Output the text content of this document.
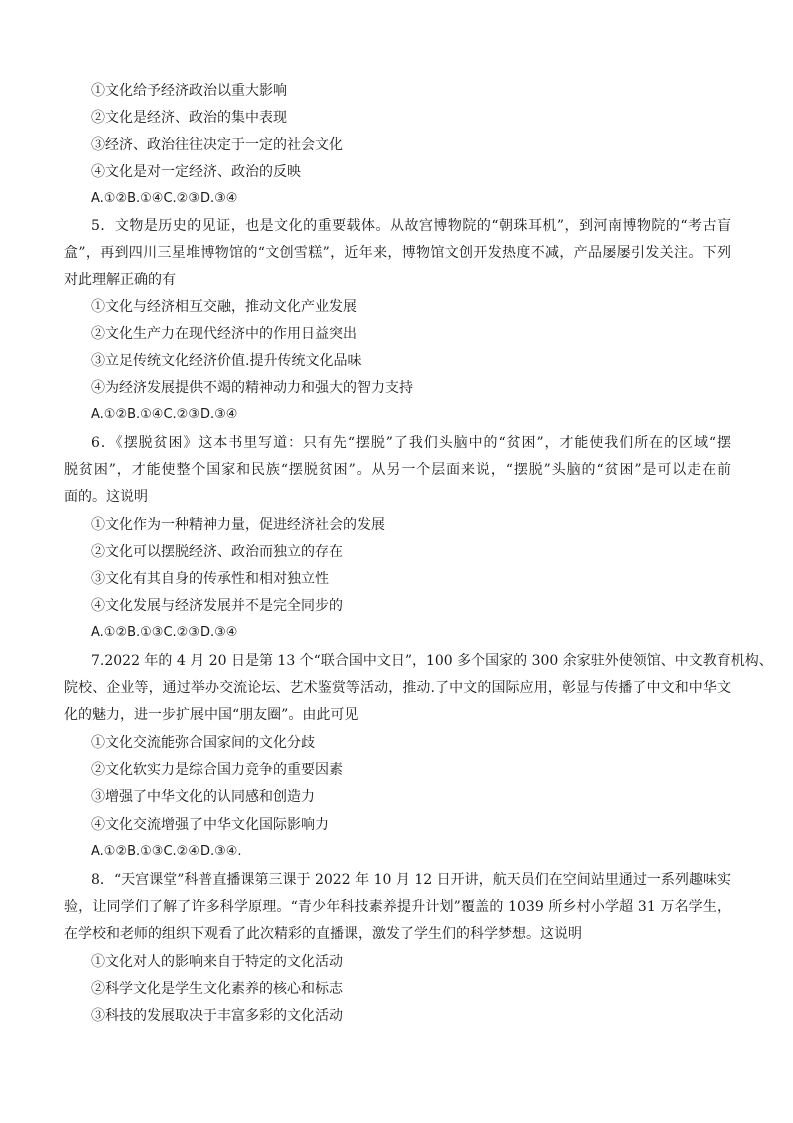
①文化给予经济政治以重大影响
②文化是经济、政治的集中表现
③经济、政治往往决定于一定的社会文化
④文化是对一定经济、政治的反映
A.①②B.①④C.②③D.③④
5．文物是历史的见证，也是文化的重要载体。从故宫博物院的“朝珠耳机”，到河南博物院的“考古盲
盒”，再到四川三星堆博物馆的“文创雪糕”，近年来，博物馆文创开发热度不减，产品屡屡引发关注。下列
对此理解正确的有
①文化与经济相互交融，推动文化产业发展
②文化生产力在现代经济中的作用日益突出
③立足传统文化经济价值.提升传统文化品味
④为经济发展提供不竭的精神动力和强大的智力支持
A.①②B.①④C.②③D.③④
6．《摆脱贫困》这本书里写道：只有先“摆脱”了我们头脑中的“贫困”，才能使我们所在的区域“摆
脱贫困”，才能使整个国家和民族“摆脱贫困”。从另一个层面来说，“摆脱”头脑的“贫困”是可以走在前
面的。这说明
①文化作为一种精神力量，促进经济社会的发展
②文化可以摆脱经济、政治而独立的存在
③文化有其自身的传承性和相对独立性
④文化发展与经济发展并不是完全同步的
A.①②B.①③C.②③D.③④
7.2022 年的 4 月 20 日是第 13 个“联合国中文日”，100 多个国家的 300 余家驻外使领馆、中文教育机构、
院校、企业等，通过举办交流论坛、艺术鉴赏等活动，推动.了中文的国际应用，彰显与传播了中文和中华文
化的魅力，进一步扩展中国“朋友圈”。由此可见
①文化交流能弥合国家间的文化分歧
②文化软实力是综合国力竞争的重要因素
③增强了中华文化的认同感和创造力
④文化交流增强了中华文化国际影响力
A.①②B.①③C.②④D.③④.
8．“天宫课堂”科普直播课第三课于 2022 年 10 月 12 日开讲，航天员们在空间站里通过一系列趣味实
验，让同学们了解了许多科学原理。“青少年科技素养提升计划”覆盖的 1039 所乡村小学超 31 万名学生，
在学校和老师的组织下观看了此次精彩的直播课，激发了学生们的科学梦想。这说明
①文化对人的影响来自于特定的文化活动
②科学文化是学生文化素养的核心和标志
③科技的发展取决于丰富多彩的文化活动
